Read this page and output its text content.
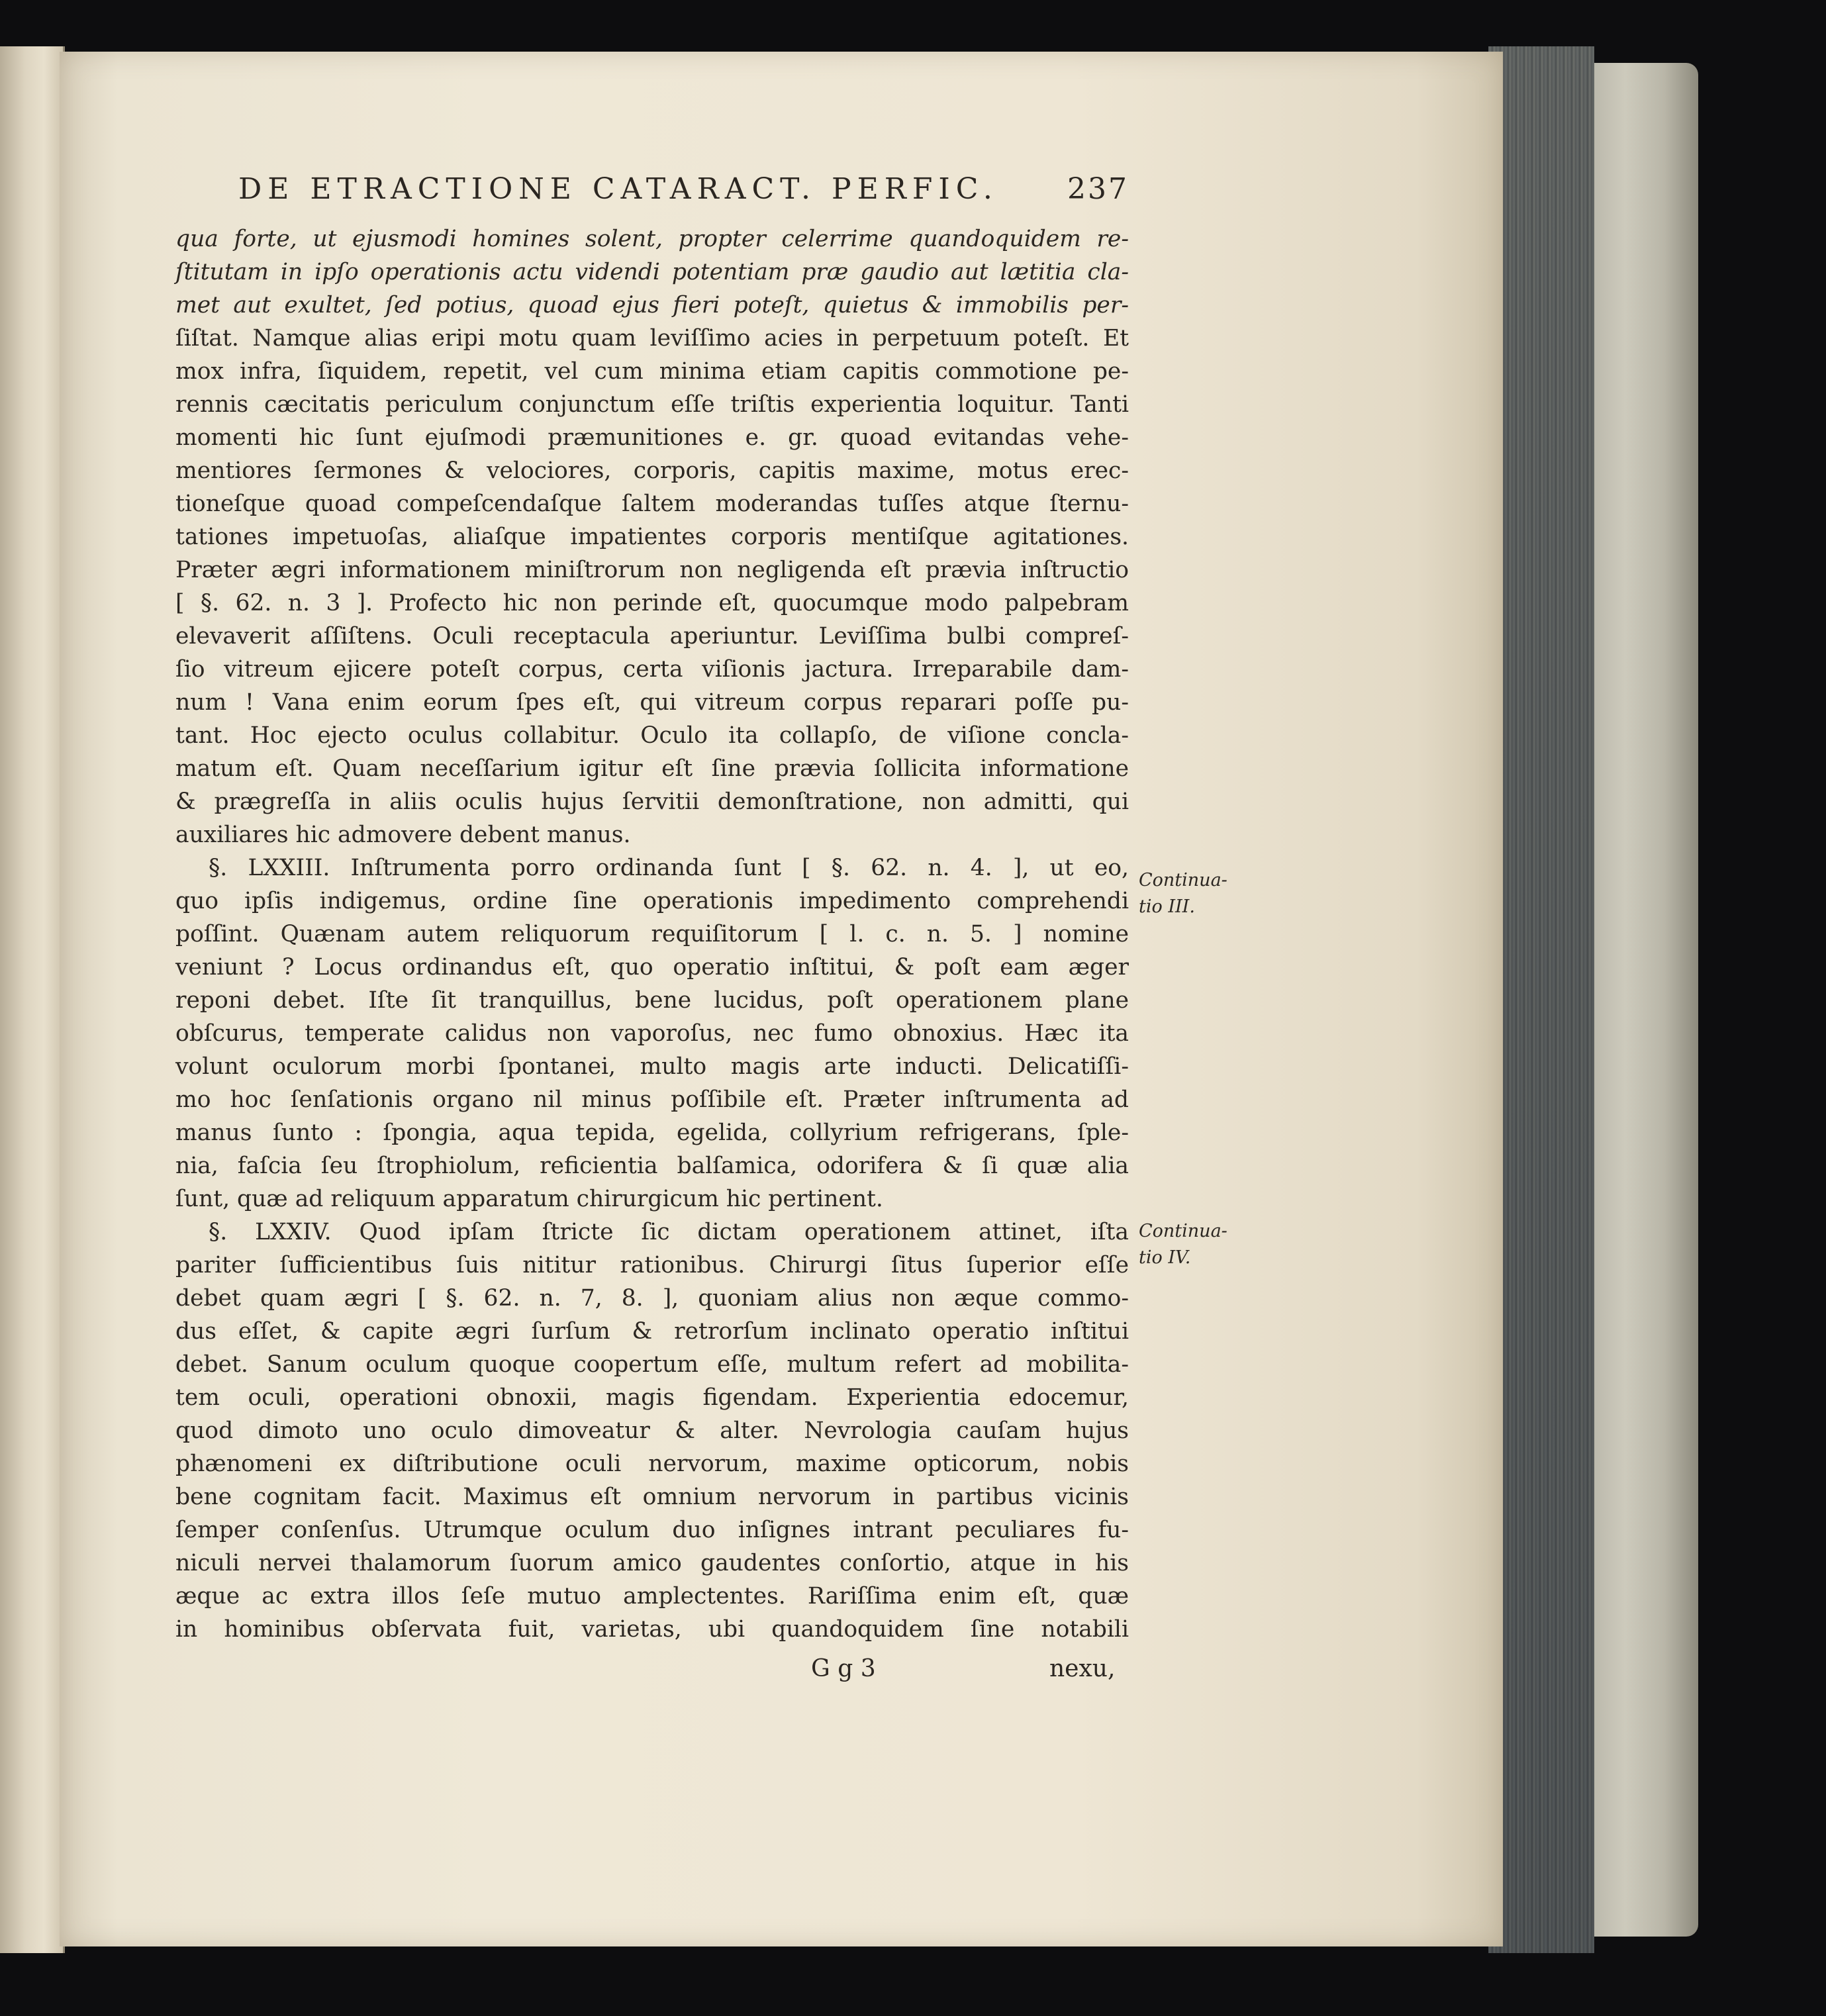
DE ETRACTIONE CATARACT. PERFIC. 237
qua forte, ut ejusmodi homines solent, propter celerrime quandoquidem re-
ſtitutam in ipſo operationis actu videndi potentiam præ gaudio aut lætitia cla-
met aut exultet, ſed potius, quoad ejus fieri poteſt, quietus & immobilis per-
ſiſtat. Namque alias eripi motu quam leviſſimo acies in perpetuum poteſt. Et
mox infra, ſiquidem, repetit, vel cum minima etiam capitis commotione pe-
rennis cæcitatis periculum conjunctum eſſe triſtis experientia loquitur. Tanti
momenti hic ſunt ejuſmodi præmunitiones e. gr. quoad evitandas vehe-
mentiores ſermones & velociores, corporis, capitis maxime, motus erec-
tioneſque quoad compeſcendaſque ſaltem moderandas tuſſes atque ſternu-
tationes impetuoſas, aliaſque impatientes corporis mentiſque agitationes.
Præter ægri informationem miniſtrorum non negligenda eſt prævia inſtructio
[ §. 62. n. 3 ]. Profecto hic non perinde eſt, quocumque modo palpebram
elevaverit aſſiſtens. Oculi receptacula aperiuntur. Leviſſima bulbi compreſ-
ſio vitreum ejicere poteſt corpus, certa viſionis jactura. Irreparabile dam-
num ! Vana enim eorum ſpes eſt, qui vitreum corpus reparari poſſe pu-
tant. Hoc ejecto oculus collabitur. Oculo ita collapſo, de viſione concla-
matum eſt. Quam neceſſarium igitur eſt ſine prævia ſollicita informatione
& prægreſſa in aliis oculis hujus ſervitii demonſtratione, non admitti, qui
auxiliares hic admovere debent manus.
§. LXXIII. Inſtrumenta porro ordinanda ſunt [ §. 62. n. 4. ], ut eo,
quo ipſis indigemus, ordine ſine operationis impedimento comprehendi
poſſint. Quænam autem reliquorum requiſitorum [ l. c. n. 5. ] nomine
veniunt ? Locus ordinandus eſt, quo operatio inſtitui, & poſt eam æger
reponi debet. Iſte ſit tranquillus, bene lucidus, poſt operationem plane
obſcurus, temperate calidus non vaporoſus, nec fumo obnoxius. Hæc ita
volunt oculorum morbi ſpontanei, multo magis arte inducti. Delicatiſſi-
mo hoc ſenſationis organo nil minus poſſibile eſt. Præter inſtrumenta ad
manus ſunto : ſpongia, aqua tepida, egelida, collyrium refrigerans, ſple-
nia, faſcia ſeu ſtrophiolum, reficientia balſamica, odorifera & ſi quæ alia
ſunt, quæ ad reliquum apparatum chirurgicum hic pertinent.
§. LXXIV. Quod ipſam ſtricte ſic dictam operationem attinet, iſta
pariter ſufficientibus ſuis nititur rationibus. Chirurgi ſitus ſuperior eſſe
debet quam ægri [ §. 62. n. 7, 8. ], quoniam alius non æque commo-
dus eſſet, & capite ægri ſurſum & retrorſum inclinato operatio inſtitui
debet. Sanum oculum quoque coopertum eſſe, multum refert ad mobilita-
tem oculi, operationi obnoxii, magis figendam. Experientia edocemur,
quod dimoto uno oculo dimoveatur & alter. Nevrologia cauſam hujus
phænomeni ex diſtributione oculi nervorum, maxime opticorum, nobis
bene cognitam facit. Maximus eſt omnium nervorum in partibus vicinis
ſemper conſenſus. Utrumque oculum duo inſignes intrant peculiares fu-
niculi nervei thalamorum ſuorum amico gaudentes conſortio, atque in his
æque ac extra illos ſeſe mutuo amplectentes. Rariſſima enim eſt, quæ
in hominibus obſervata fuit, varietas, ubi quandoquidem ſine notabili
Continua-
tio III.
Continua-
tio IV.
G g 3	nexu,
